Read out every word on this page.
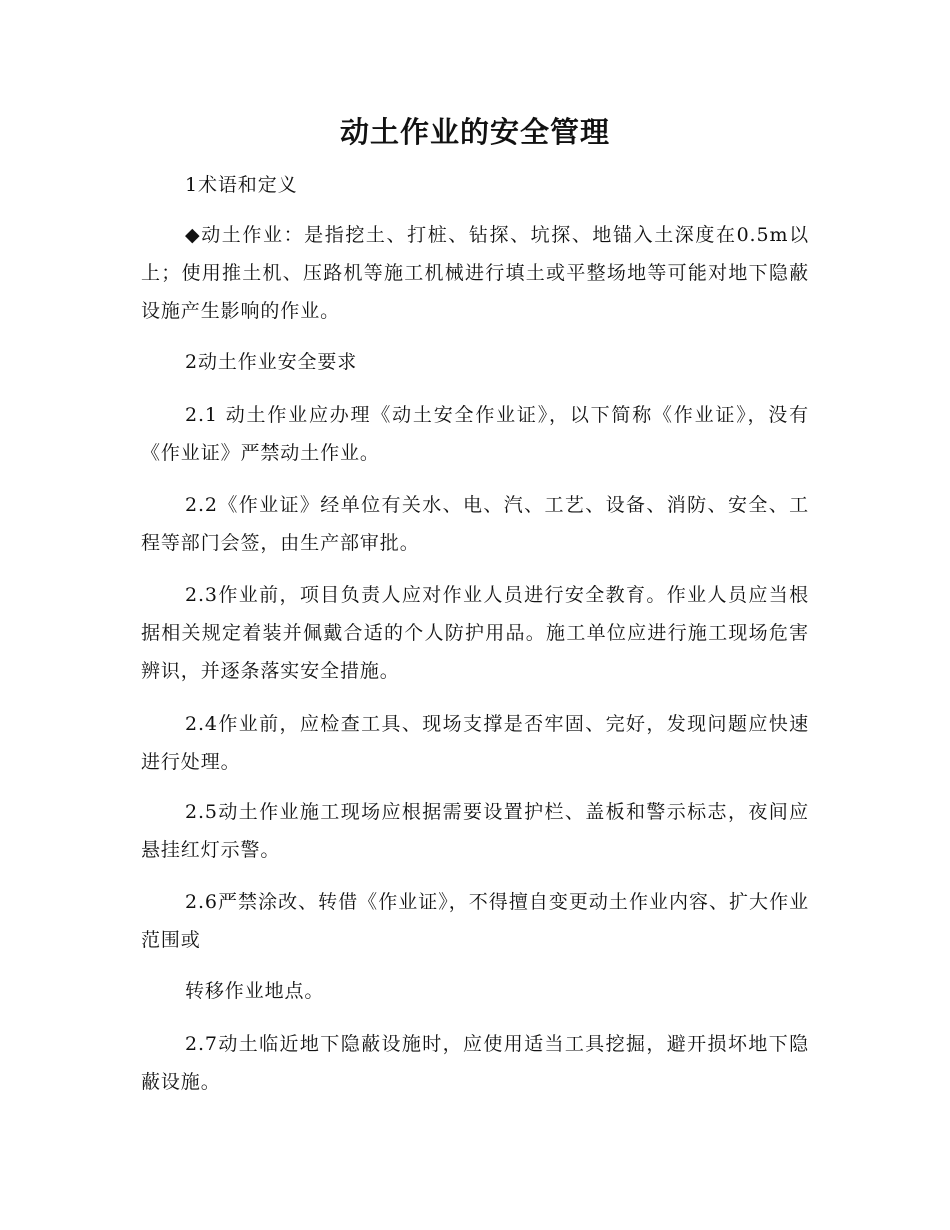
动土作业的安全管理

1术语和定义

◆动土作业：是指挖土、打桩、钻探、坑探、地锚入土深度在0.5m以上；使用推土机、压路机等施工机械进行填土或平整场地等可能对地下隐蔽设施产生影响的作业。

2动土作业安全要求

2.1 动土作业应办理《动土安全作业证》，以下简称《作业证》，没有《作业证》严禁动土作业。

2.2《作业证》经单位有关水、电、汽、工艺、设备、消防、安全、工程等部门会签，由生产部审批。

2.3作业前，项目负责人应对作业人员进行安全教育。作业人员应当根据相关规定着装并佩戴合适的个人防护用品。施工单位应进行施工现场危害辨识，并逐条落实安全措施。

2.4作业前，应检查工具、现场支撑是否牢固、完好，发现问题应快速进行处理。

2.5动土作业施工现场应根据需要设置护栏、盖板和警示标志，夜间应悬挂红灯示警。

2.6严禁涂改、转借《作业证》，不得擅自变更动土作业内容、扩大作业范围或

转移作业地点。

2.7动土临近地下隐蔽设施时，应使用适当工具挖掘，避开损坏地下隐蔽设施。
